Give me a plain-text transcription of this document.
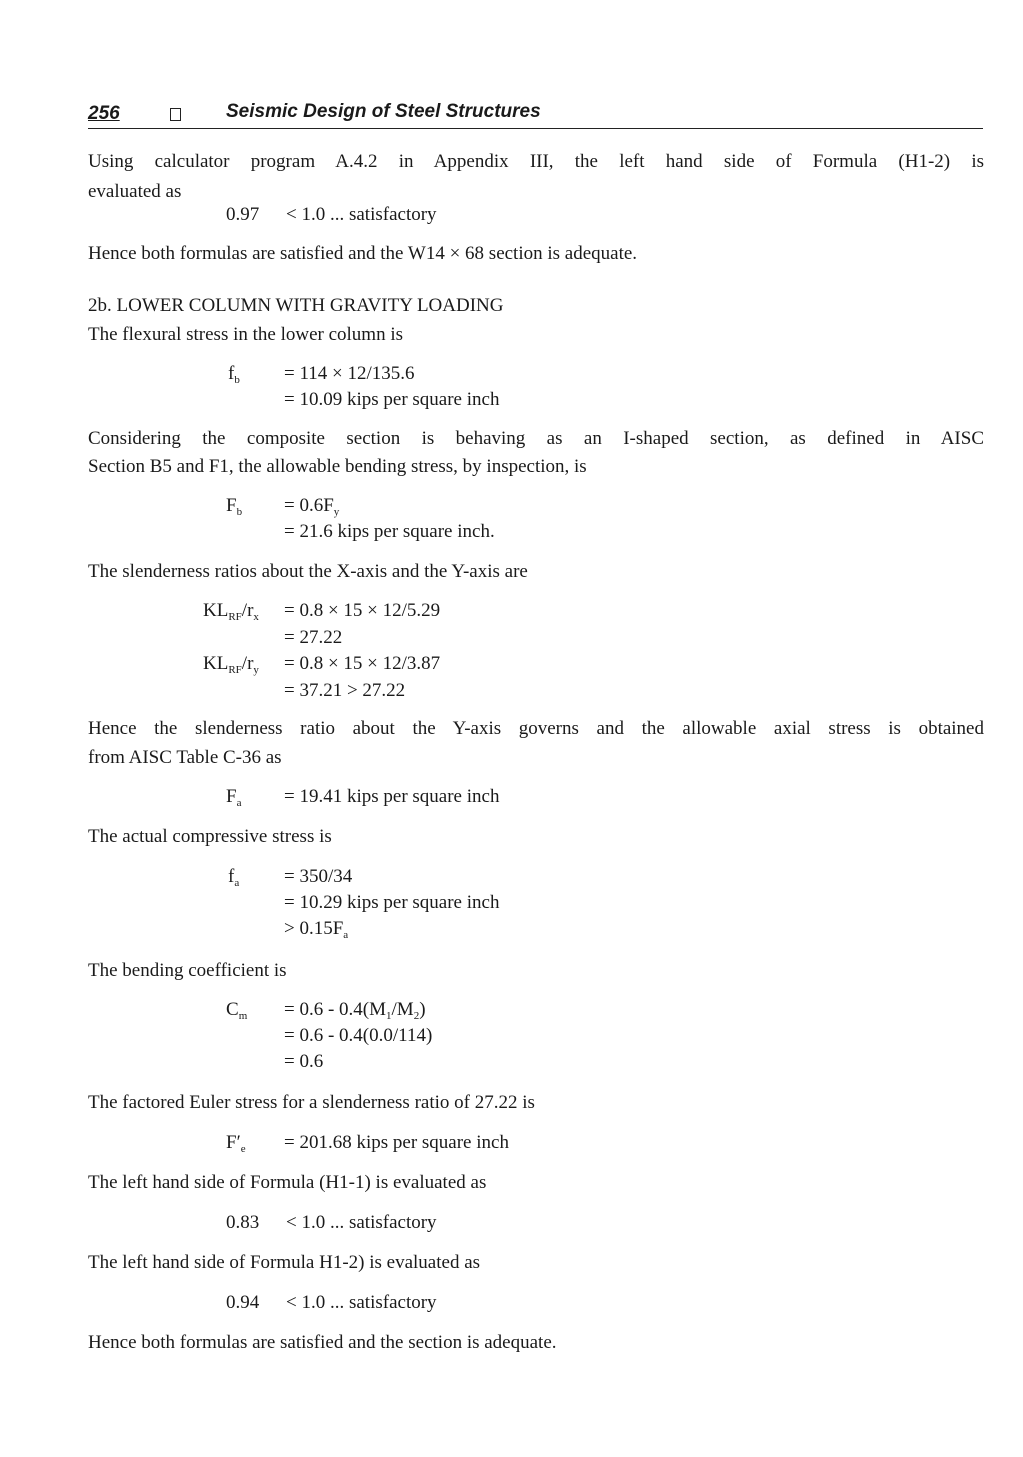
256	Seismic Design of Steel Structures
Using calculator program A.4.2 in Appendix III, the left hand side of Formula (H1-2) is
evaluated as
0.97 < 1.0 ... satisfactory
Hence both formulas are satisfied and the W14 × 68 section is adequate.
2b. LOWER COLUMN WITH GRAVITY LOADING
The flexural stress in the lower column is
$f_b = 114 \times 12/135.6$
= 10.09 kips per square inch
Considering the composite section is behaving as an I-shaped section, as defined in AISC
Section B5 and F1, the allowable bending stress, by inspection, is
$F_b = 0.6F_y$
= 21.6 kips per square inch.
The slenderness ratios about the X-axis and the Y-axis are
$KL_{RF}/r_x = 0.8 \times 15 \times 12/5.29$
= 27.22
$KL_{RF}/r_y = 0.8 \times 15 \times 12/3.87$
= 37.21 > 27.22
Hence the slenderness ratio about the Y-axis governs and the allowable axial stress is obtained
from AISC Table C-36 as
$F_a = 19.41$ kips per square inch
The actual compressive stress is
$f_a = 350/34$
= 10.29 kips per square inch
> $0.15F_a$
The bending coefficient is
$C_m = 0.6 - 0.4(M_1/M_2)$
= 0.6 - 0.4(0.0/114)
= 0.6
The factored Euler stress for a slenderness ratio of 27.22 is
$F'_e = 201.68$ kips per square inch
The left hand side of Formula (H1-1) is evaluated as
0.83 < 1.0 ... satisfactory
The left hand side of Formula H1-2) is evaluated as
0.94 < 1.0 ... satisfactory
Hence both formulas are satisfied and the section is adequate.
